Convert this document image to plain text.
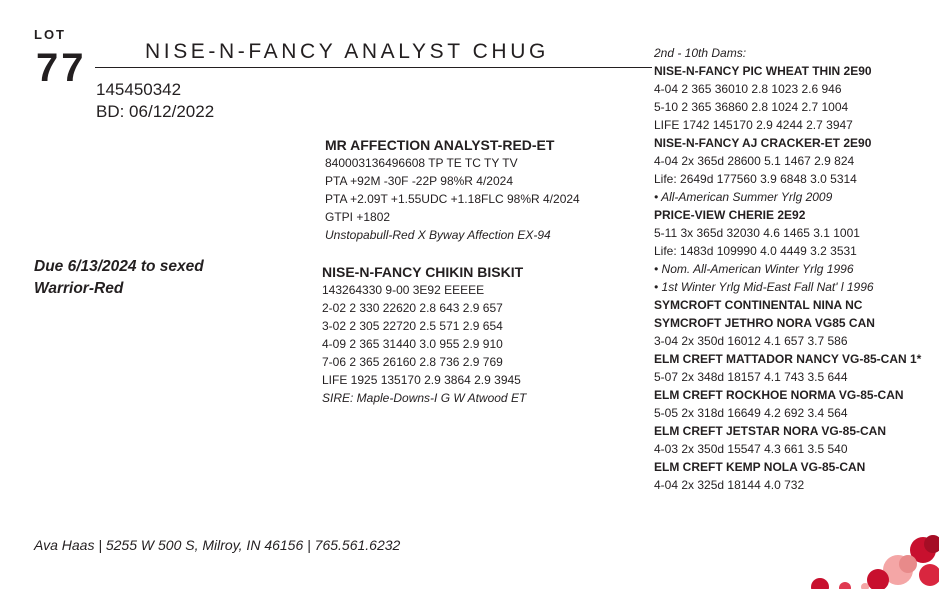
LOT
77	NISE-N-FANCY ANALYST CHUG
145450342
BD: 06/12/2022
Due 6/13/2024 to sexed
Warrior-Red
MR AFFECTION ANALYST-RED-ET
840003136496608 TP TE TC TY TV
PTA +92M -30F -22P 98%R 4/2024
PTA +2.09T +1.55UDC +1.18FLC 98%R 4/2024
GTPI +1802
Unstopabull-Red X Byway Affection EX-94
NISE-N-FANCY CHIKIN BISKIT
143264330 9-00 3E92 EEEEE
2-02 2 330 22620 2.8 643 2.9 657
3-02 2 305 22720 2.5 571 2.9 654
4-09 2 365 31440 3.0 955 2.9 910
7-06 2 365 26160 2.8 736 2.9 769
LIFE 1925 135170 2.9 3864 2.9 3945
SIRE: Maple-Downs-I G W Atwood ET
2nd - 10th Dams:
NISE-N-FANCY PIC WHEAT THIN 2E90
4-04 2 365 36010 2.8 1023 2.6 946
5-10 2 365 36860 2.8 1024 2.7 1004
LIFE 1742 145170 2.9 4244 2.7 3947
NISE-N-FANCY AJ CRACKER-ET 2E90
4-04 2x 365d 28600 5.1 1467 2.9 824
Life: 2649d 177560 3.9 6848 3.0 5314
• All-American Summer Yrlg 2009
PRICE-VIEW CHERIE 2E92
5-11 3x 365d 32030 4.6 1465 3.1 1001
Life: 1483d 109990 4.0 4449 3.2 3531
• Nom. All-American Winter Yrlg 1996
• 1st Winter Yrlg Mid-East Fall Nat' l 1996
SYMCROFT CONTINENTAL NINA NC
SYMCROFT JETHRO NORA VG85 CAN
3-04 2x 350d 16012 4.1 657 3.7 586
ELM CREFT MATTADOR NANCY VG-85-CAN 1*
5-07 2x 348d 18157 4.1 743 3.5 644
ELM CREFT ROCKHOE NORMA VG-85-CAN
5-05 2x 318d 16649 4.2 692 3.4 564
ELM CREFT JETSTAR NORA VG-85-CAN
4-03 2x 350d 15547 4.3 661 3.5 540
ELM CREFT KEMP NOLA VG-85-CAN
4-04 2x 325d 18144 4.0 732
Ava Haas | 5255 W 500 S, Milroy, IN 46156 | 765.561.6232
